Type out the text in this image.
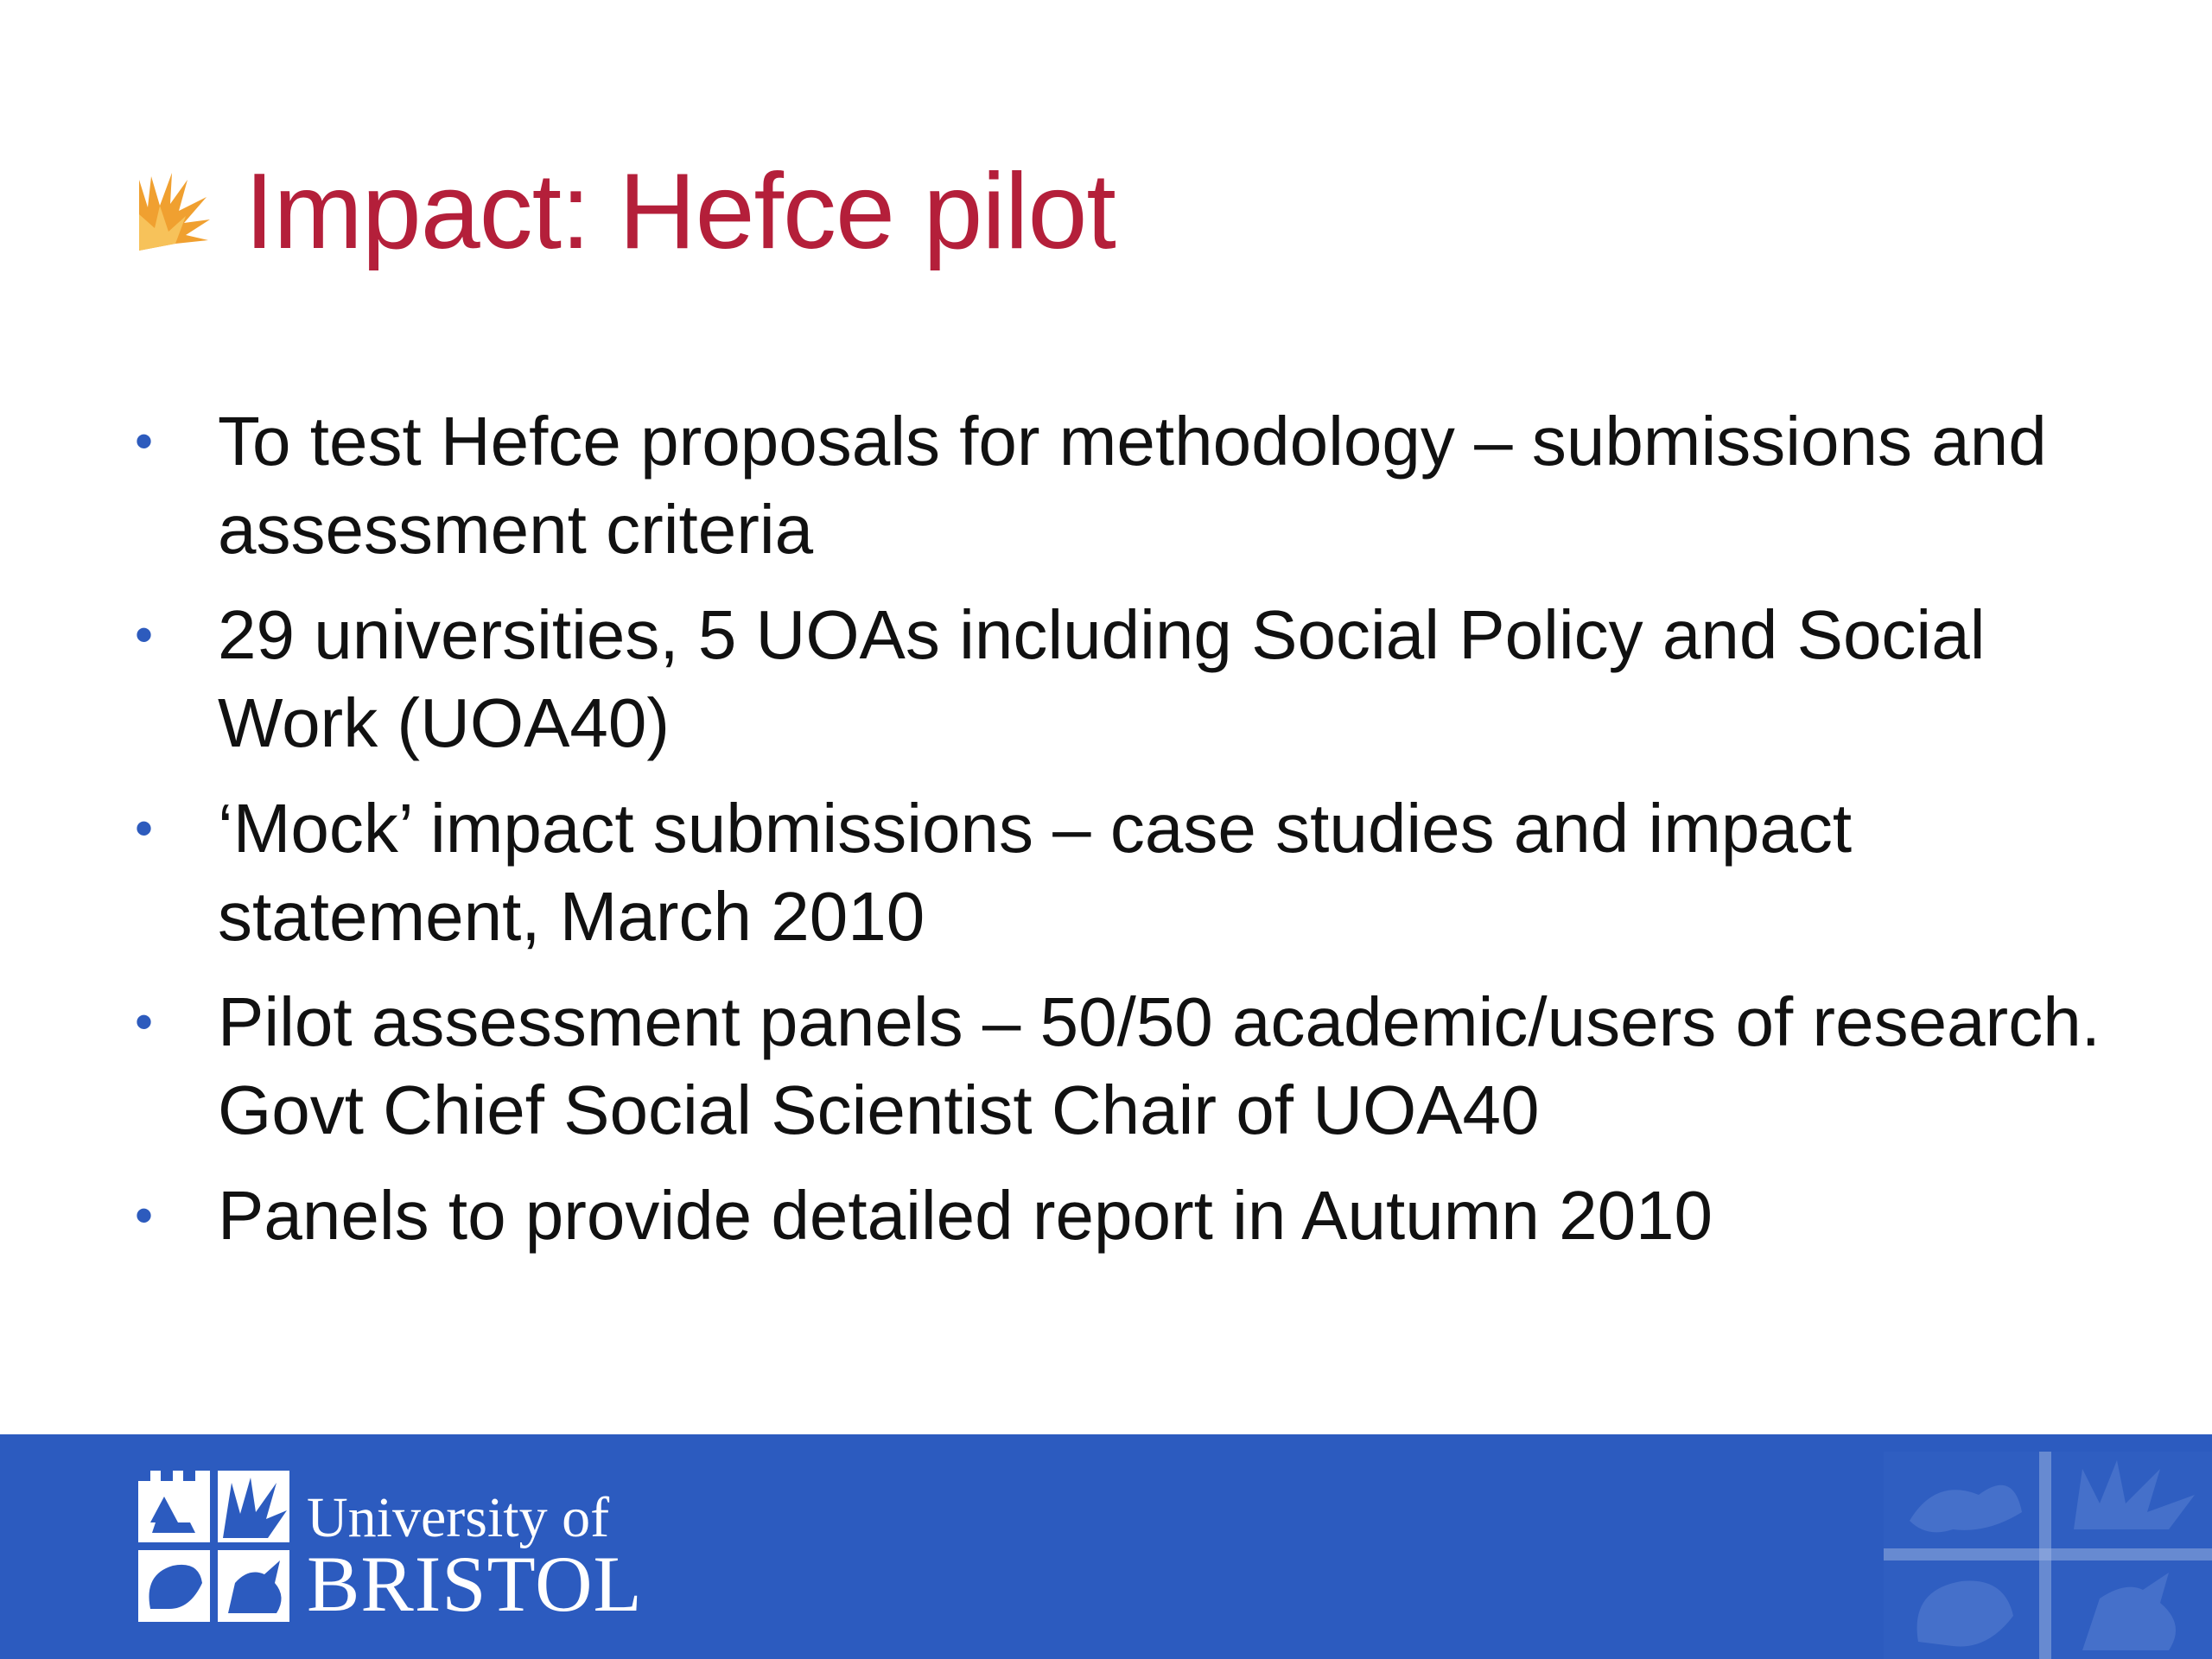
Impact: Hefce pilot
• To test Hefce proposals for methodology – submissions and assessment criteria
• 29 universities, 5 UOAs including Social Policy and Social Work (UOA40)
• ‘Mock’ impact submissions – case studies and impact statement, March 2010
• Pilot assessment panels – 50/50 academic/users of research. Govt Chief Social Scientist Chair of UOA40
• Panels to provide detailed report in Autumn 2010
University of
BRISTOL
